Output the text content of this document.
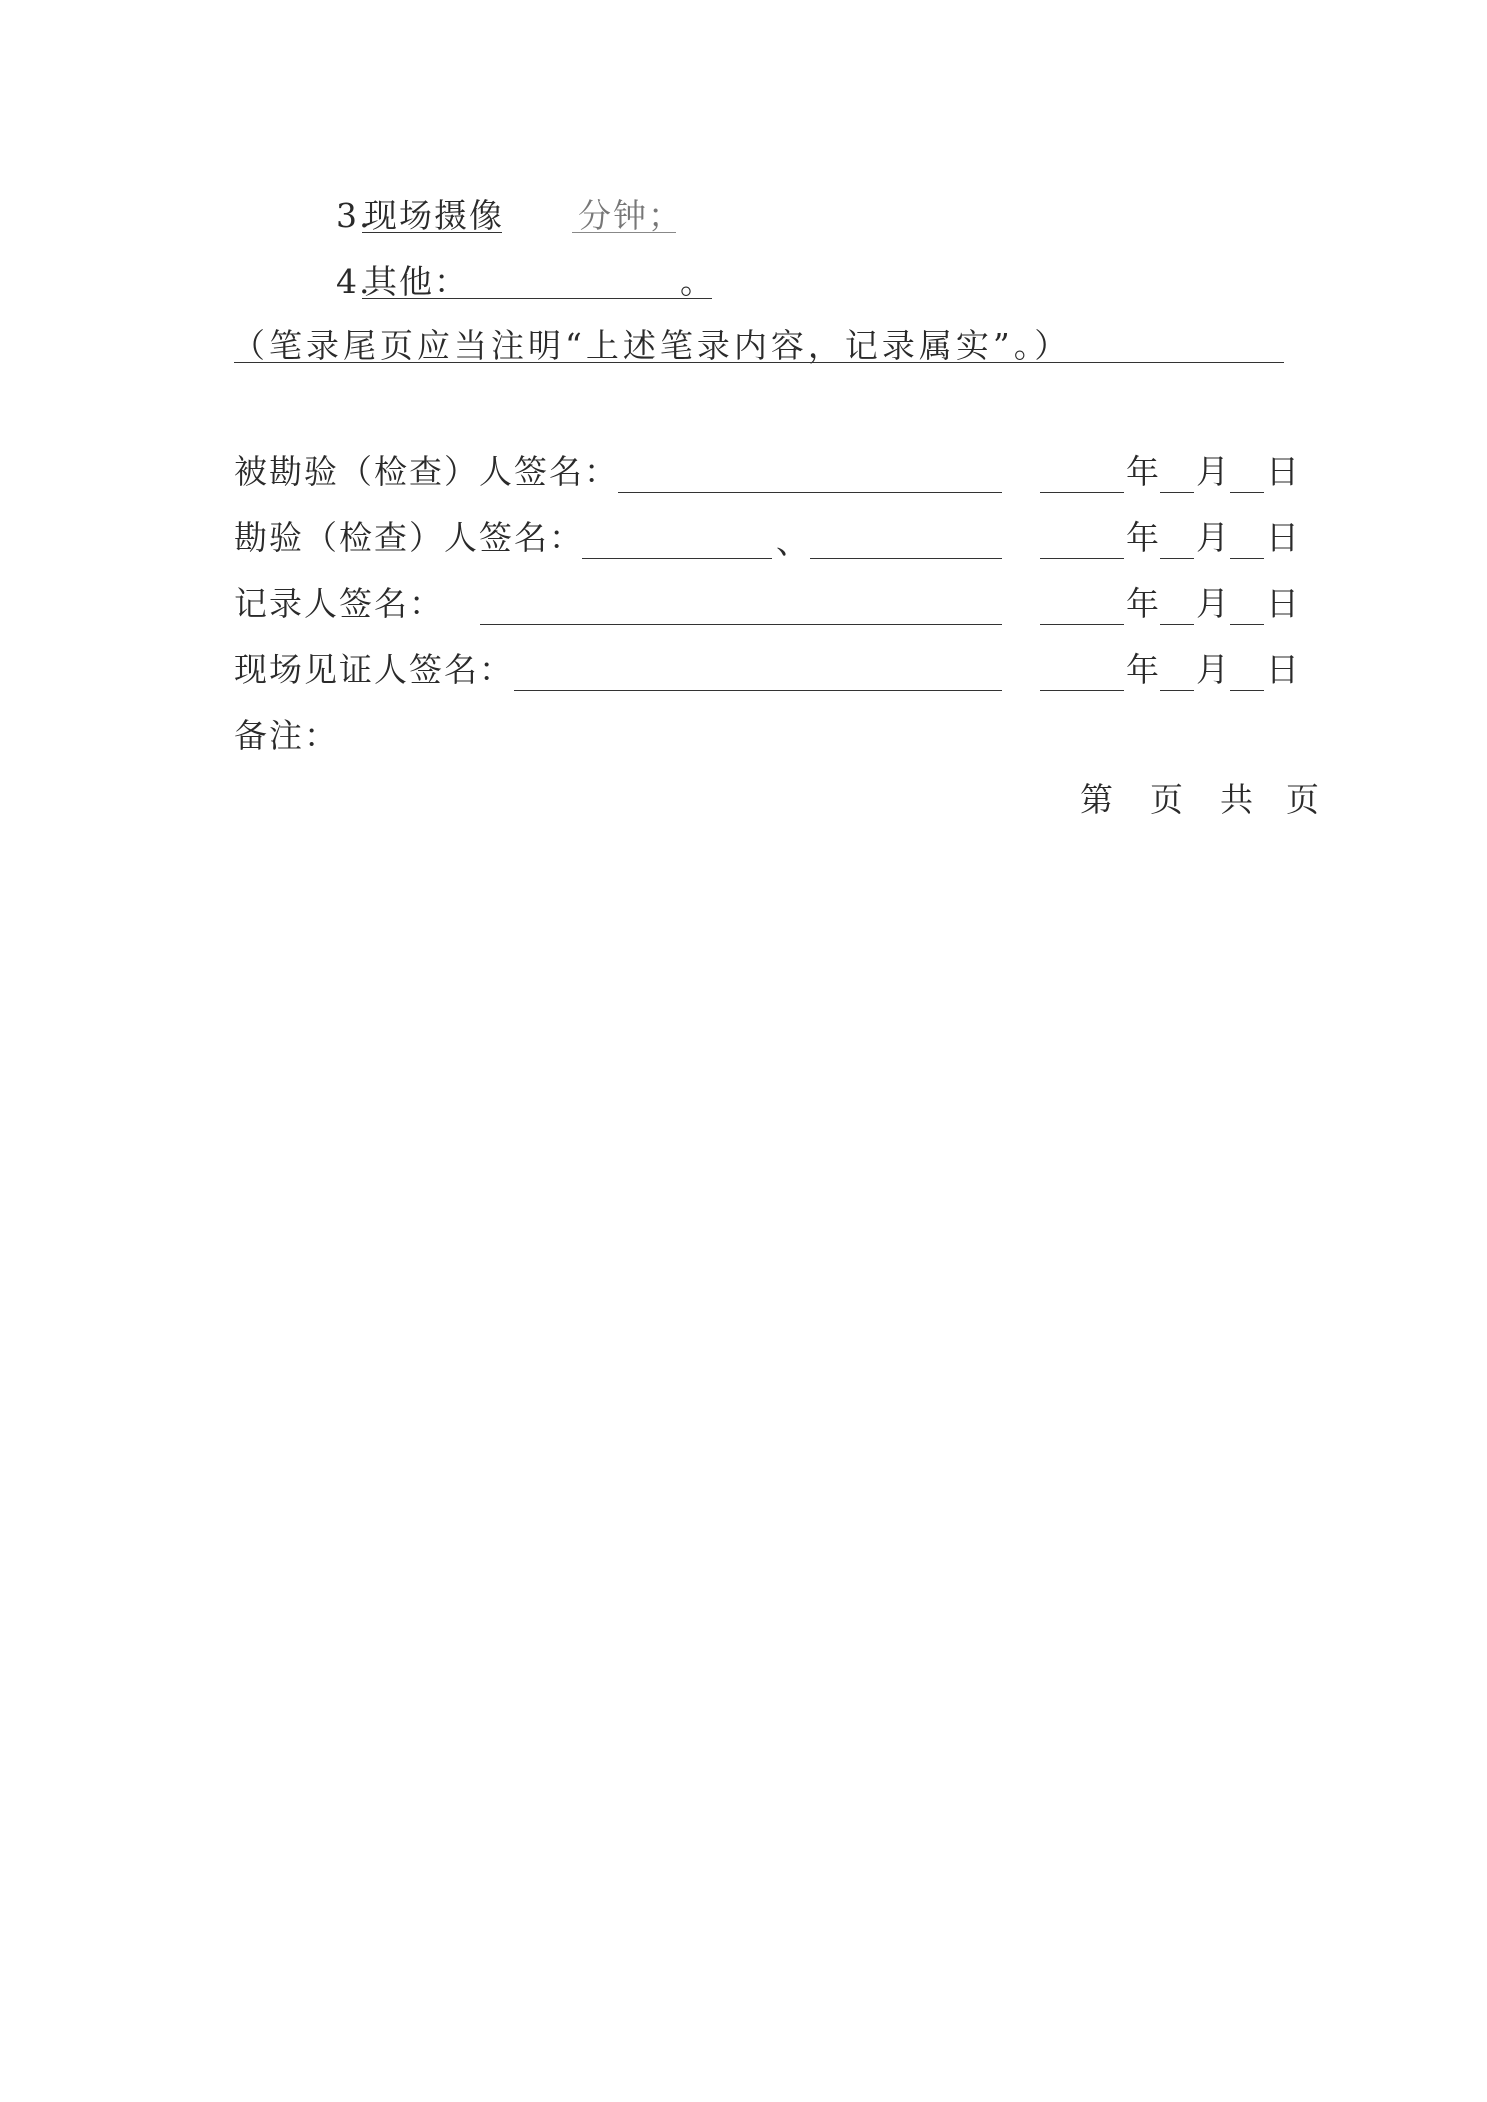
3.
现场摄像 分钟；
4.
其他：	。
（笔录尾页应当注明“上述笔录内容，记录属实”。）
被勘验（检查）人签名：	年 月 日
勘验（检查）人签名：	、	年 月 日
记录人签名：	年 月 日
现场见证人签名：	年 月 日
备注：
第 页 共 页
